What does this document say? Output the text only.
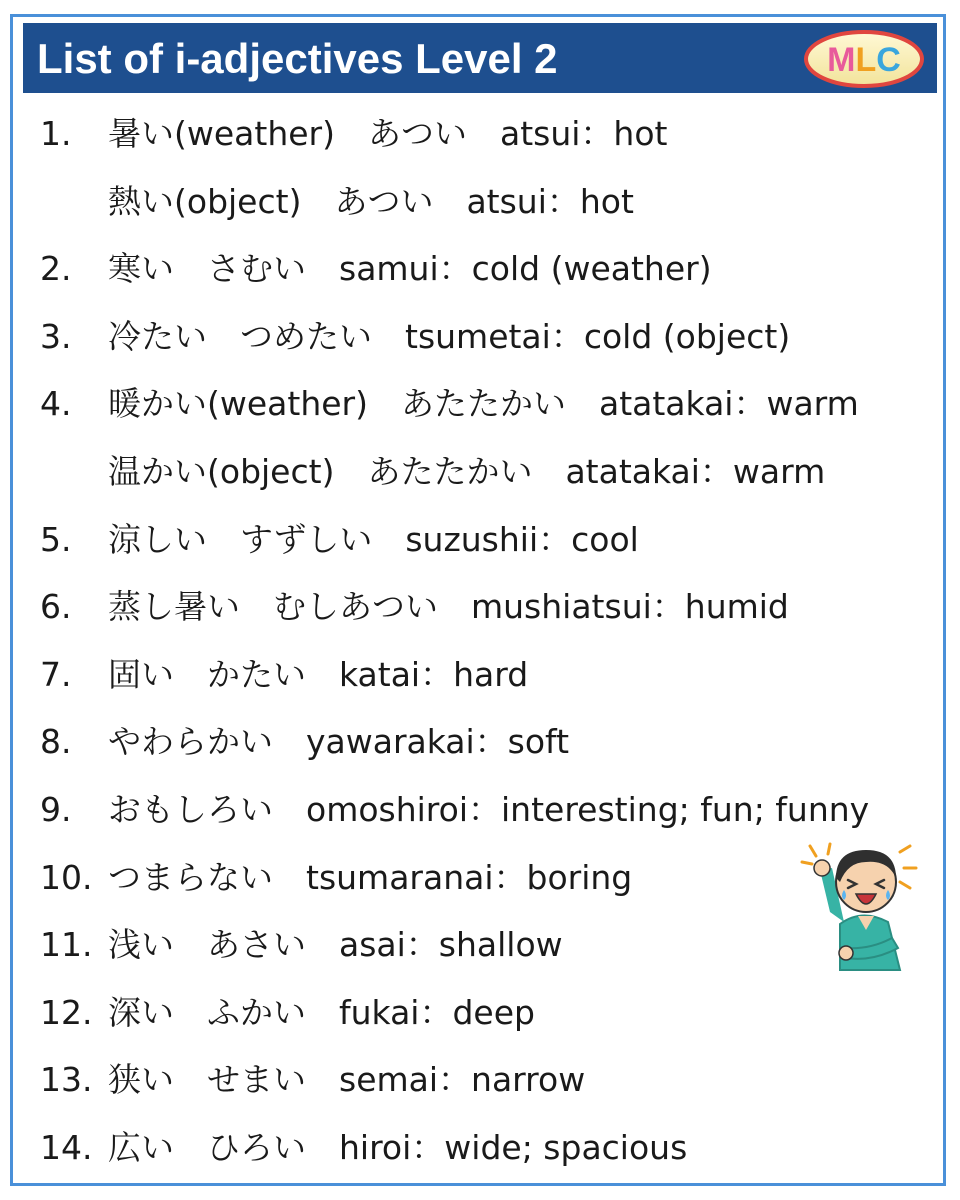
List of i-adjectives Level 2	MLC
1. 暑い(weather)　あつい　atsui：hot
熱い(object)　あつい　atsui：hot
2. 寒い　さむい　samui：cold (weather)
3. 冷たい　つめたい　tsumetai：cold (object)
4. 暖かい(weather)　あたたかい　atatakai：warm
温かい(object)　あたたかい　atatakai：warm
5. 涼しい　すずしい　suzushii：cool
6. 蒸し暑い　むしあつい　mushiatsui：humid
7. 固い　かたい　katai：hard
8. やわらかい　yawarakai：soft
9. おもしろい　omoshiroi：interesting; fun; funny
10. つまらない　tsumaranai：boring
11. 浅い　あさい　asai：shallow
12. 深い　ふかい　fukai：deep
13. 狭い　せまい　semai：narrow
14. 広い　ひろい　hiroi：wide; spacious
